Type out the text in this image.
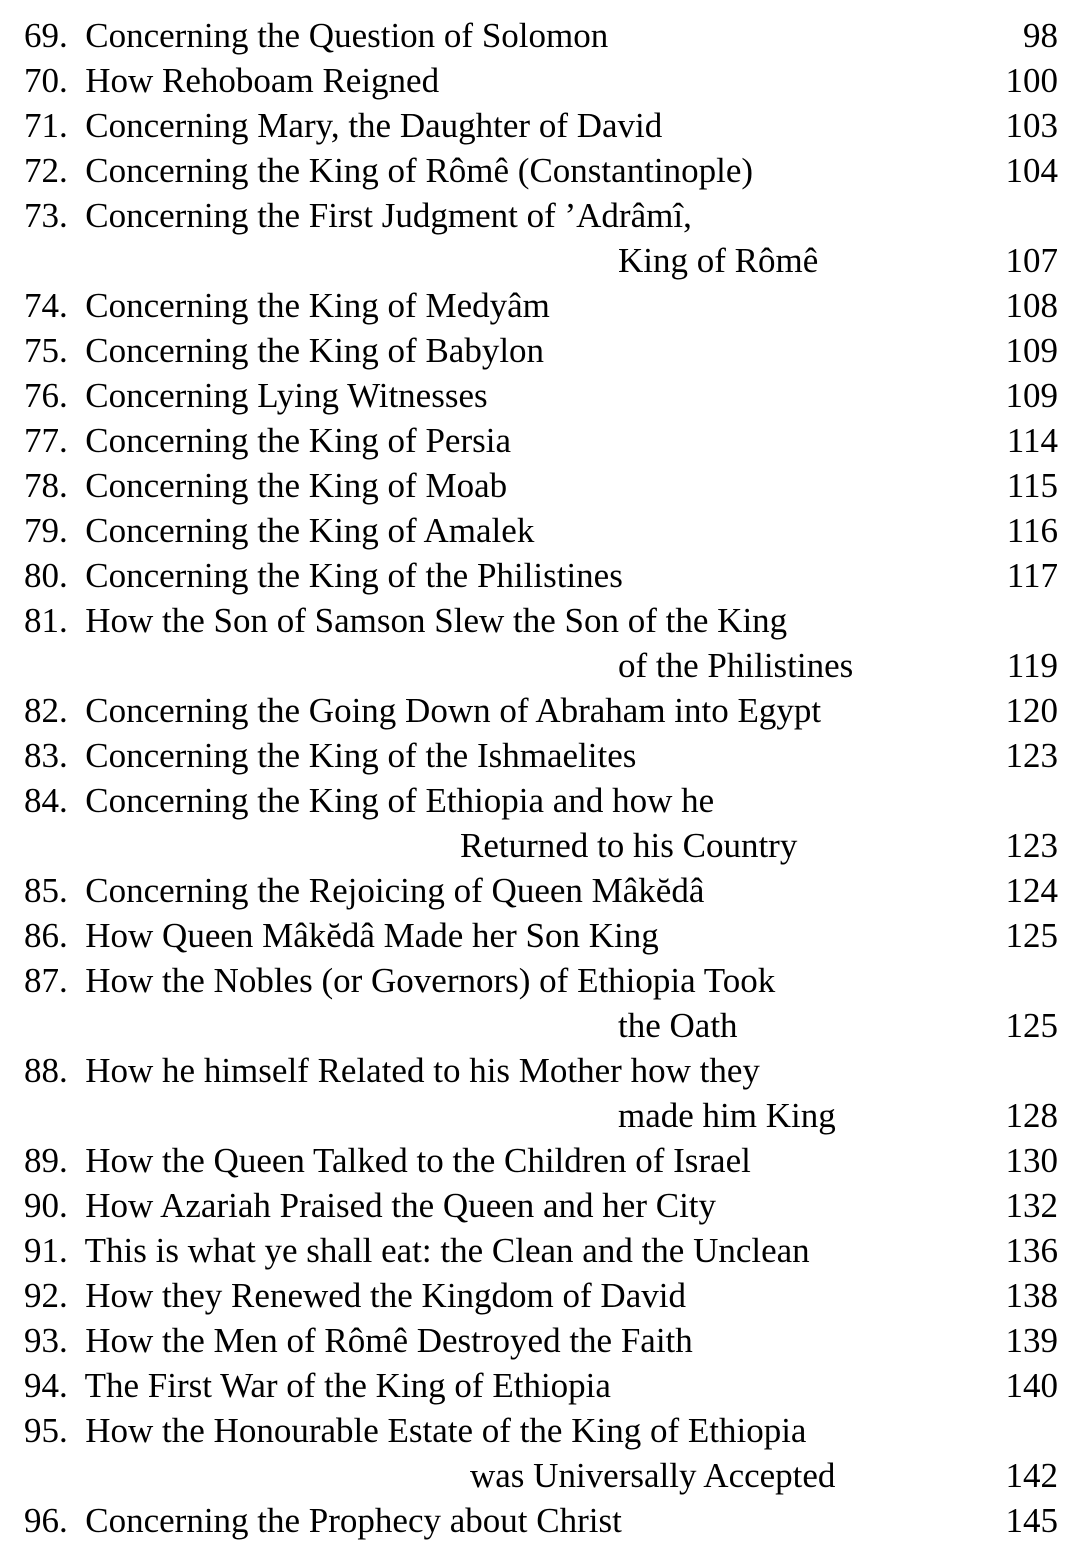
69. Concerning the Question of Solomon	98
70. How Rehoboam Reigned	100
71. Concerning Mary, the Daughter of David	103
72. Concerning the King of Rômê (Constantinople)	104
73. Concerning the First Judgment of ’Adrâmî,
King of Rômê	107
74. Concerning the King of Medyâm	108
75. Concerning the King of Babylon	109
76. Concerning Lying Witnesses	109
77. Concerning the King of Persia	114
78. Concerning the King of Moab	115
79. Concerning the King of Amalek	116
80. Concerning the King of the Philistines	117
81. How the Son of Samson Slew the Son of the King
of the Philistines	119
82. Concerning the Going Down of Abraham into Egypt	120
83. Concerning the King of the Ishmaelites	123
84. Concerning the King of Ethiopia and how he
Returned to his Country	123
85. Concerning the Rejoicing of Queen Mâkĕdâ	124
86. How Queen Mâkĕdâ Made her Son King	125
87. How the Nobles (or Governors) of Ethiopia Took
the Oath	125
88. How he himself Related to his Mother how they
made him King	128
89. How the Queen Talked to the Children of Israel	130
90. How Azariah Praised the Queen and her City	132
91. This is what ye shall eat: the Clean and the Unclean	136
92. How they Renewed the Kingdom of David	138
93. How the Men of Rômê Destroyed the Faith	139
94. The First War of the King of Ethiopia	140
95. How the Honourable Estate of the King of Ethiopia
was Universally Accepted	142
96. Concerning the Prophecy about Christ	145
